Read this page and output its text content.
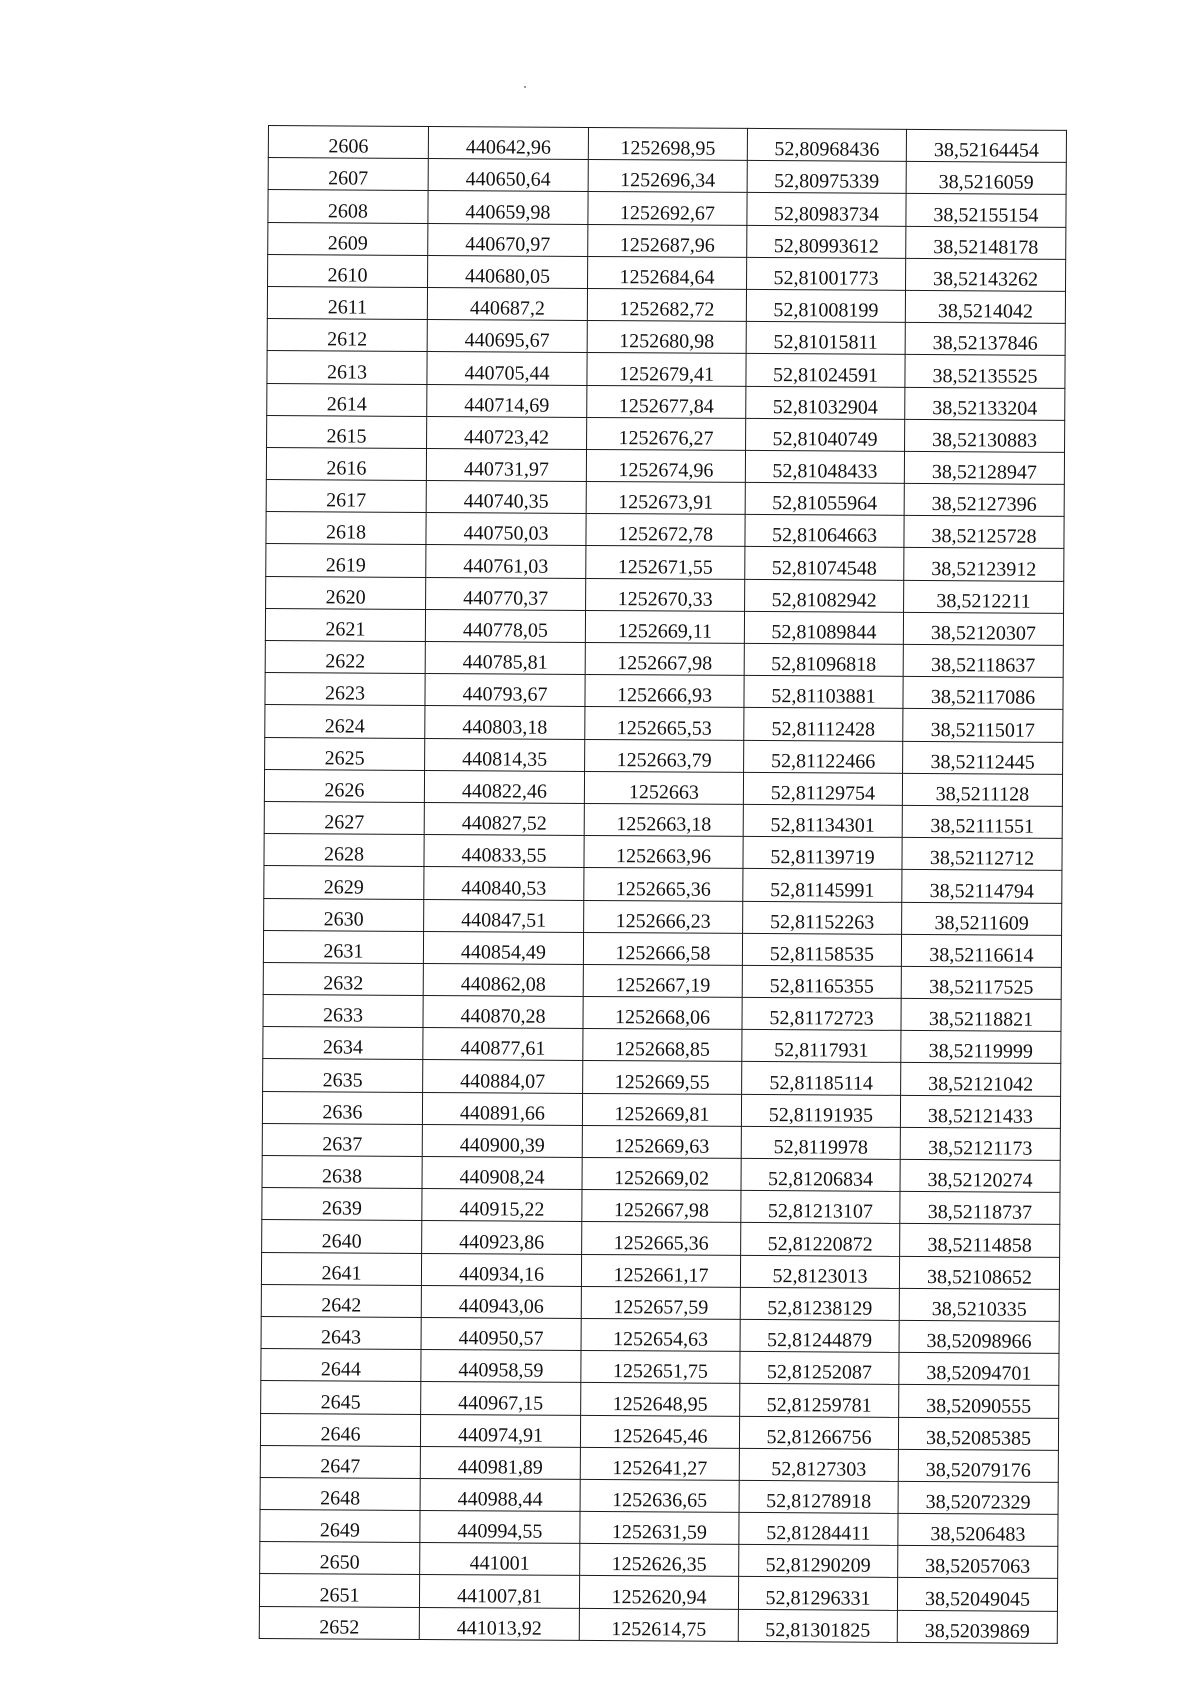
2606	440642,96	1252698,95	52,80968436	38,52164454
2607	440650,64	1252696,34	52,80975339	38,5216059
2608	440659,98	1252692,67	52,80983734	38,52155154
2609	440670,97	1252687,96	52,80993612	38,52148178
2610	440680,05	1252684,64	52,81001773	38,52143262
2611	440687,2	1252682,72	52,81008199	38,5214042
2612	440695,67	1252680,98	52,81015811	38,52137846
2613	440705,44	1252679,41	52,81024591	38,52135525
2614	440714,69	1252677,84	52,81032904	38,52133204
2615	440723,42	1252676,27	52,81040749	38,52130883
2616	440731,97	1252674,96	52,81048433	38,52128947
2617	440740,35	1252673,91	52,81055964	38,52127396
2618	440750,03	1252672,78	52,81064663	38,52125728
2619	440761,03	1252671,55	52,81074548	38,52123912
2620	440770,37	1252670,33	52,81082942	38,5212211
2621	440778,05	1252669,11	52,81089844	38,52120307
2622	440785,81	1252667,98	52,81096818	38,52118637
2623	440793,67	1252666,93	52,81103881	38,52117086
2624	440803,18	1252665,53	52,81112428	38,52115017
2625	440814,35	1252663,79	52,81122466	38,52112445
2626	440822,46	1252663	52,81129754	38,5211128
2627	440827,52	1252663,18	52,81134301	38,52111551
2628	440833,55	1252663,96	52,81139719	38,52112712
2629	440840,53	1252665,36	52,81145991	38,52114794
2630	440847,51	1252666,23	52,81152263	38,5211609
2631	440854,49	1252666,58	52,81158535	38,52116614
2632	440862,08	1252667,19	52,81165355	38,52117525
2633	440870,28	1252668,06	52,81172723	38,52118821
2634	440877,61	1252668,85	52,8117931	38,52119999
2635	440884,07	1252669,55	52,81185114	38,52121042
2636	440891,66	1252669,81	52,81191935	38,52121433
2637	440900,39	1252669,63	52,8119978	38,52121173
2638	440908,24	1252669,02	52,81206834	38,52120274
2639	440915,22	1252667,98	52,81213107	38,52118737
2640	440923,86	1252665,36	52,81220872	38,52114858
2641	440934,16	1252661,17	52,8123013	38,52108652
2642	440943,06	1252657,59	52,81238129	38,5210335
2643	440950,57	1252654,63	52,81244879	38,52098966
2644	440958,59	1252651,75	52,81252087	38,52094701
2645	440967,15	1252648,95	52,81259781	38,52090555
2646	440974,91	1252645,46	52,81266756	38,52085385
2647	440981,89	1252641,27	52,8127303	38,52079176
2648	440988,44	1252636,65	52,81278918	38,52072329
2649	440994,55	1252631,59	52,81284411	38,5206483
2650	441001	1252626,35	52,81290209	38,52057063
2651	441007,81	1252620,94	52,81296331	38,52049045
2652	441013,92	1252614,75	52,81301825	38,52039869
